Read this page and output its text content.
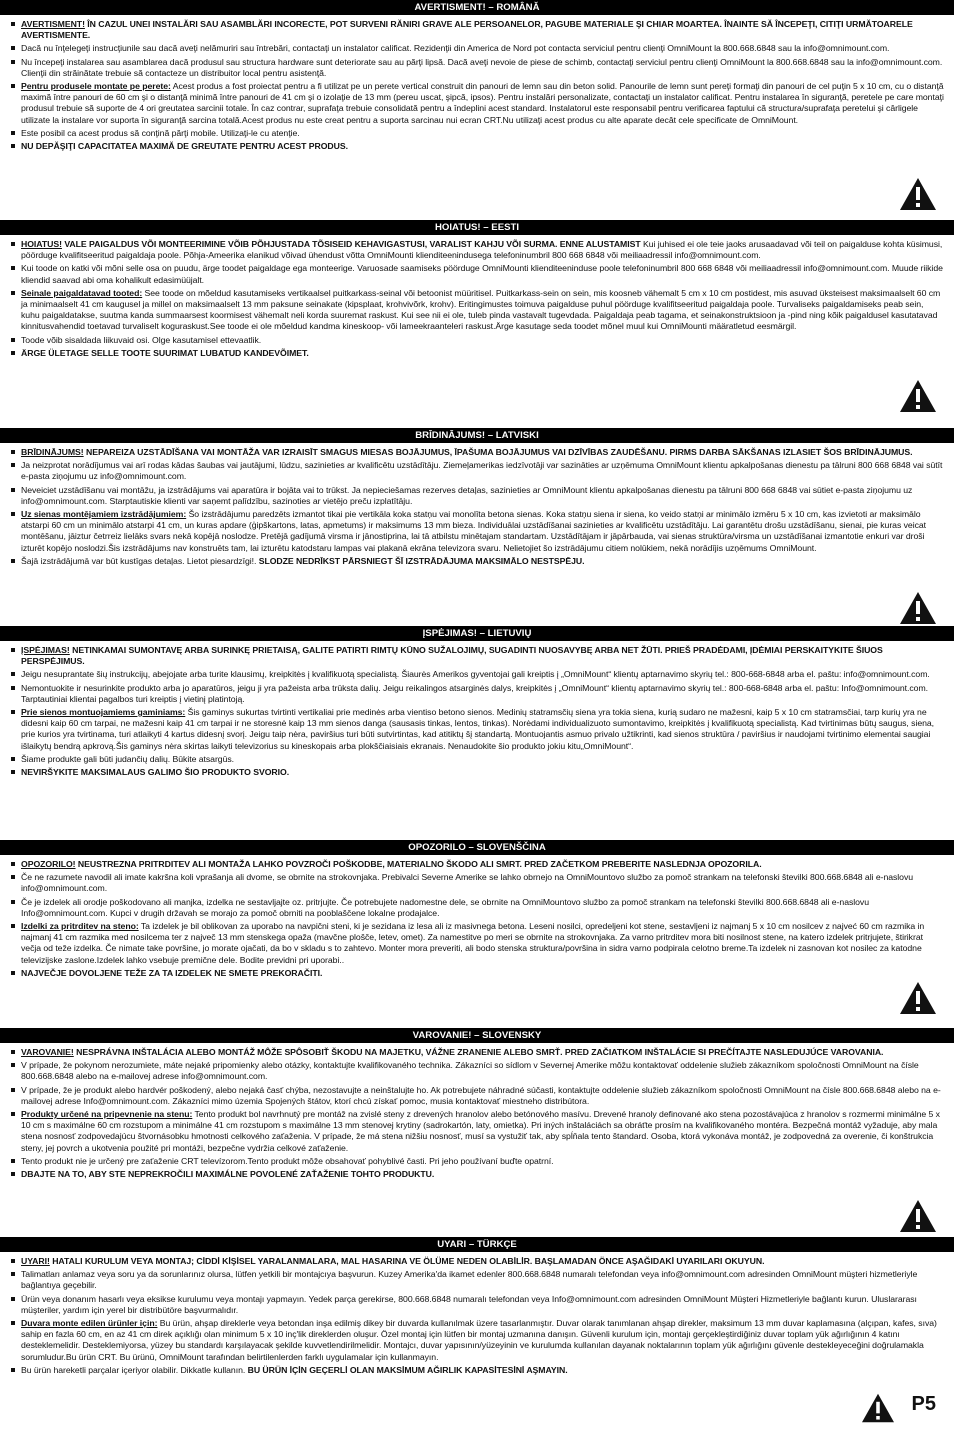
AVERTISMENT! – ROMÂNĂ
AVERTISMENT! ÎN CAZUL UNEI INSTALĂRI SAU ASAMBLĂRI INCORECTE, POT SURVENI RĂNIRI GRAVE ALE PERSOANELOR, PAGUBE MATERIALE ŞI CHIAR MOARTEA. ÎNAINTE SĂ ÎNCEPEŢI, CITIŢI URMĂTOARELE AVERTISMENTE.
Dacă nu înţelegeţi instrucţiunile sau dacă aveţi nelămuriri sau întrebări, contactaţi un instalator calificat. Rezidenţii din America de Nord pot contacta serviciul pentru clienţi OmniMount la 800.668.6848 sau la info@omnimount.com.
Nu începeţi instalarea sau asamblarea dacă produsul sau structura hardware sunt deteriorate sau au părţi lipsă. Dacă aveţi nevoie de piese de schimb, contactaţi serviciul pentru clienţi OmniMount la 800.668.6848 sau la info@omnimount.com. Clienţii din străinătate trebuie să contacteze un distribuitor local pentru asistenţă.
Pentru produsele montate pe perete: Acest produs a fost proiectat pentru a fi utilizat pe un perete vertical construit din panouri de lemn sau din beton solid. Panourile de lemn sunt pereţi formaţi din panouri de cel puţin 5 x 10 cm, cu o distanţă maximă între panouri de 60 cm şi o distanţă minimă între panouri de 41 cm şi o izolaţie de 13 mm (pereu uscat, şipcă, ipsos). Pentru instalări personalizate, contactaţi un instalator calificat. Pentru instalarea în siguranţă, peretele pe care montaţi produsul trebuie să suporte de 4 ori greutatea sarcinii totale. În caz contrar, suprafaţa trebuie consolidată pentru a îndeplini acest standard. Instalatorul este responsabil pentru verificarea faptului că structura/suprafaţa peretelui şi cârligele utilizate la instalare vor suporta în siguranţă sarcina totală.Acest produs nu este creat pentru a suporta sarcinau nui ecran CRT.Nu utilizaţi acest produs cu alte aparate decât cele specificate de OmniMount.
Este posibil ca acest produs să conţină părţi mobile. Utilizaţi-le cu atenţie.
NU DEPĂŞIŢI CAPACITATEA MAXIMĂ DE GREUTATE PENTRU ACEST PRODUS.
HOIATUS! – EESTI
HOIATUS! VALE PAIGALDUS VÕI MONTEERIMINE VÕIB PÕHJUSTADA TÕSISEID KEHAVIGASTUSI, VARALIST KAHJU VÕI SURMA. ENNE ALUSTAMIST Kui juhised ei ole teie jaoks arusaadavad või teil on paigalduse kohta küsimusi, pöörduge kvalifitseeritud paigaldaja poole. Põhja-Ameerika elanikud võivad ühendust võtta OmniMounti klienditeenindusega telefoninumbril 800 668 6848 või meiliaadressil info@omnimount.com.
Kui toode on katki või mõni selle osa on puudu, ärge toodet paigaldage ega monteerige. Varuosade saamiseks pöörduge OmniMounti klienditeeninduse poole telefoninumbril 800 668 6848 või meiliaadressil info@omnimount.com. Muude riikide kliendid saavad abi oma kohalikult edasimüüjalt.
Seinale paigaldatavad tooted: See toode on mõeldud kasutamiseks vertikaalsel puitkarkass-seinal või betoonist müüritisel. Puitkarkass-sein on sein, mis koosneb vähemalt 5 cm x 10 cm postidest, mis asuvad üksteisest maksimaalselt 60 cm ja minimaalselt 41 cm kaugusel ja millel on maksimaalselt 13 mm paksune seinakate (kipsplaat, krohvivõrk, krohv). Eritingimustes toimuva paigalduse puhul pöörduge kvalifitseeritud paigaldaja poole. Turvaliseks paigaldamiseks peab sein, kuhu paigaldatakse, suutma kanda summaarsest koormisest vähemalt neli korda suuremat raskust. Kui see nii ei ole, tuleb pinda vastavalt tugevdada. Paigaldaja peab tagama, et seinakonstruktsioon ja -pind ning kõik paigaldusel kasutatavad kinnitusvahendid toetavad turvaliselt koguraskust.See toode ei ole mõeldud kandma kineskoop- või lameekraanteleri raskust.Ärge kasutage seda toodet mõnel muul kui OmniMounti määratletud eesmärgil.
Toode võib sisaldada liikuvaid osi. Olge kasutamisel ettevaatlik.
ÄRGE ÜLETAGE SELLE TOOTE SUURIMAT LUBATUD KANDEVÕIMET.
BRĪDINĀJUMS! – LATVISKI
BRĪDINĀJUMS! NEPAREIZA UZSTĀDĪŠANA VAI MONTĀŽA VAR IZRAISĪT SMAGUS MIESAS BOJĀJUMUS, ĪPAŠUMA BOJĀJUMUS VAI DZĪVĪBAS ZAUDĒŠANU. PIRMS DARBA SĀKŠANAS IZLASIET ŠOS BRĪDINĀJUMUS.
Ja neizprotat norādījumus vai arī rodas kādas šaubas vai jautājumi, lūdzu, sazinieties ar kvalificētu uzstādītāju. Ziemeļamerikas iedzīvotāji var sazināties ar uzņēmuma OmniMount klientu apkalpošanas dienestu pa tālruni 800 668 6848 vai sūtīt e-pasta ziņojumu uz info@omnimount.com.
Neveiciet uzstādīšanu vai montāžu, ja izstrādājums vai aparatūra ir bojāta vai to trūkst. Ja nepieciešamas rezerves detaļas, sazinieties ar OmniMount klientu apkalpošanas dienestu pa tālruni 800 668 6848 vai sūtiet e-pasta ziņojumu uz info@omnimount.com. Starptautiskie klienti var saņemt palīdzību, sazinoties ar vietējo preču izplatītāju.
Uz sienas montējamiem izstrādājumiem: Šo izstrādājumu paredzēts izmantot tikai pie vertikāla koka statņu vai monolīta betona sienas. Koka statņu siena ir siena, ko veido statņi ar minimālo izmēru 5 x 10 cm, kas izvietoti ar maksimālo atstarpi 60 cm un minimālo atstarpi 41 cm, un kuras apdare (ģipškartons, latas, apmetums) ir maksimums 13 mm bieza. Individuālai uzstādīšanai sazinieties ar kvalificētu uzstādītāju. Lai garantētu drošu uzstādīšanu, sienai, pie kuras veicat montēšanu, jāiztur četrreiz lielāks svars nekā kopējā noslodze. Pretējā gadījumā virsma ir jānostiprina, lai tā atbilstu minētajam standartam. Uzstādītājam ir jāpārbauda, vai sienas struktūra/virsma un uzstādīšanai izmantotie enkuri var droši izturēt kopējo noslodzi.Šis izstrādājums nav konstruēts tam, lai izturētu katodstaru lampas vai plakanā ekrāna televizora svaru. Nelietojiet šo izstrādājumu citiem nolūkiem, nekā norādījis uzņēmums OmniMount.
Šajā izstrādājumā var būt kustīgas detaļas. Lietot piesardzīgi!. SLODZE NEDRĪKST PĀRSNIEGT ŠĪ IZSTRĀDĀJUMA MAKSIMĀLO NESTSPĒJU.
ĮSPĖJIMAS! – LIETUVIŲ
ĮSPĖJIMAS! NETINKAMAI SUMONTAVĘ ARBA SURINKĘ PRIETAISĄ, GALITE PATIRTI RIMTŲ KŪNO SUŽALOJIMŲ, SUGADINTI NUOSAVYBĘ ARBA NET ŽŪTI. PRIEŠ PRADĖDAMI, ĮDĖMIAI PERSKAITYKITE ŠIUOS PERSPĖJIMUS.
Jeigu nesuprantate šių instrukcijų, abejojate arba turite klausimų, kreipkitės į kvalifikuotą specialistą. Šiaurės Amerikos gyventojai gali kreiptis į „OmniMount“ klientų aptarnavimo skyrių tel.: 800-668-6848 arba el. paštu: info@omnimount.com.
Nemontuokite ir nesurinkite produkto arba jo aparatūros, jeigu ji yra pažeista arba trūksta dalių. Jeigu reikalingos atsarginės dalys, kreipkitės į „OmniMount“ klientų aptarnavimo skyrių tel.: 800-668-6848 arba el. paštu: Info@omnimount.com. Tarptautiniai klientai pagalbos turi kreiptis į vietinį platintoją.
Prie sienos montuojamiems gaminiams: Šis gaminys sukurtas tvirtinti vertikaliai prie medinės arba vientiso betono sienos. Medinių statramsčių siena yra tokia siena, kurią sudaro ne mažesni, kaip 5 x 10 cm statramsčiai, tarp kurių yra ne didesni kaip 60 cm tarpai, ne mažesni kaip 41 cm tarpai ir ne storesnė kaip 13 mm sienos danga (sausasis tinkas, lentos, tinkas). Norėdami individualizuoto sumontavimo, kreipkitės į kvalifikuotą specialistą. Kad tvirtinimas būtų saugus, siena, prie kurios yra tvirtinama, turi atlaikyti 4 kartus didesnį svorį. Jeigu taip nėra, paviršius turi būti sutvirtintas, kad atitiktų šį standartą. Montuojantis asmuo privalo užtikrinti, kad sienos struktūra / paviršius ir naudojami tvirtinimo elementai saugiai išlaikytų bendrą apkrovą.Šis gaminys nėra skirtas laikyti televizorius su kineskopais arba plokščiaisiais ekranais. Nenaudokite šio produkto jokiu kitu„OmniMount“.
Šiame produkte gali būti judančių dalių. Būkite atsargūs.
NEVIRŠYKITE MAKSIMALAUS GALIMO ŠIO PRODUKTO SVORIO.
OPOZORILO – SLOVENŠČINA
OPOZORILO! NEUSTREZNA PRITRDITEV ALI MONTAŽA LAHKO POVZROČI POŠKODBE, MATERIALNO ŠKODO ALI SMRT. PRED ZAČETKOM PREBERITE NASLEDNJA OPOZORILA.
Če ne razumete navodil ali imate kakršna koli vprašanja ali dvome, se obrnite na strokovnjaka. Prebivalci Severne Amerike se lahko obrnejo na OmniMountovo službo za pomoč strankam na telefonski številki 800.668.6848 ali e-naslovu info@omnimount.com.
Če je izdelek ali orodje poškodovano ali manjka, izdelka ne sestavljajte oz. pritrjujte. Če potrebujete nadomestne dele, se obrnite na OmniMountovo službo za pomoč strankam na telefonski številki 800.668.6848 ali e-naslovu Info@omnimount.com. Kupci v drugih državah se morajo za pomoč obrniti na pooblaščene lokalne prodajalce.
Izdelki za pritrditev na steno: Ta izdelek je bil oblikovan za uporabo na navpični steni, ki je sezidana iz lesa ali iz masivnega betona. Leseni nosilci, opredeljeni kot stene, sestavljeni iz najmanj 5 x 10 cm nosilcev z najveć 60 cm razmika in najmanj 41 cm razmika med nosilcema ter z največ 13 mm stenskega opaža (mavčne plošče, letev, omet). Za namestitve po meri se obrnite na strokovnjaka. Za varno pritrditev mora biti nosilnost stene, na katero izdelek pritrjujete, štirikrat večja od teže izdelka. Če nimate take površine, jo morate ojačati, da bo v skladu s to zahtevo. Monter mora preveriti, ali bodo stenska struktura/površina in sidra varno podpirala celotno breme.Ta izdelek ni zasnovan kot nosilec za katodne televizijske zaslone.Izdelek lahko vsebuje premične dele. Bodite previdni pri uporabi..
NAJVEČJE DOVOLJENE TEŽE ZA TA IZDELEK NE SMETE PREKORAČITI.
VAROVANIE! – SLOVENSKY
VAROVANIE! NESPRÁVNA INŠTALÁCIA ALEBO MONTÁŽ MÔŽE SPÔSOBIŤ ŠKODU NA MAJETKU, VÁŽNE ZRANENIE ALEBO SMRŤ. PRED ZAČIATKOM INŠTALÁCIE SI PREČÍTAJTE NASLEDUJÚCE VAROVANIA.
V prípade, že pokynom nerozumiete, máte nejaké pripomienky alebo otázky, kontaktujte kvalifikovaného technika. Zákazníci so sídlom v Severnej Amerike môžu kontaktovať oddelenie služieb zákazníkom spoločnosti OmniMount na čísle 800.668.6848 alebo na e-mailovej adrese info@omnimount.com.
V prípade, že je produkt alebo hardvér poškodený, alebo nejaká časť chýba, nezostavujte a neinštalujte ho. Ak potrebujete náhradné súčasti, kontaktujte oddelenie služieb zákazníkom spoločnosti OmniMount na čísle 800.668.6848 alebo na e-mailovej adrese Info@omnimount.com. Zákazníci mimo územia Spojených štátov, ktorí chcú získať pomoc, musia kontaktovať miestneho distribútora.
Produkty určené na pripevnenie na stenu: Tento produkt bol navrhnutý pre montáž na zvislé steny z drevených hranolov alebo betónového masívu. Drevené hranoly definované ako stena pozostávajúca z hranolov s rozmermi minimálne 5 x 10 cm s maximálne 60 cm rozstupom a minimálne 41 cm rozstupom s maximálne 13 mm stenovej krytiny (sadrokartón, laty, omietka). Pri iných inštaláciách sa obráťte prosím na kvalifikovaného montéra. Bezpečná montáž vyžaduje, aby mala stena nosnosť zodpovedajúcu štvornásobku hmotnosti celkového zaťaženia. V prípade, že má stena nižšiu nosnosť, musí sa vystužiť tak, aby spĺňala tento štandard. Osoba, ktorá vykonáva montáž, je zodpovedná za overenie, či konštrukcia steny, jej povrch a ukotvenia použité pri montáži, bezpečne vydržia celkové zaťaženie.
Tento produkt nie je určený pre zaťaženie CRT televízorom.Tento produkt môže obsahovať pohyblivé časti. Pri jeho používaní buďte opatrní.
DBAJTE NA TO, ABY STE NEPREKROČILI MAXIMÁLNE POVOLENÉ ZAŤAŽENIE TOHTO PRODUKTU.
UYARI – TÜRKÇE
UYARI! HATALI KURULUM VEYA MONTAJ; CİDDİ KİŞİSEL YARALANMALARA, MAL HASARINA VE ÖLÜME NEDEN OLABİLİR. BAŞLAMADAN ÖNCE AŞAĞIDAKİ UYARILARI OKUYUN.
Talimatları anlamaz veya soru ya da sorunlarınız olursa, lütfen yetkili bir montajcıya başvurun. Kuzey Amerika'da ikamet edenler 800.668.6848 numaralı telefondan veya info@omnimount.com adresinden OmniMount müşteri hizmetleriyle bağlantıya geçebilir.
Ürün veya donanım hasarlı veya eksikse kurulumu veya montajı yapmayın. Yedek parça gerekirse, 800.668.6848 numaralı telefondan veya Info@omnimount.com adresinden OmniMount Müşteri Hizmetleriyle bağlantı kurun. Uluslararası müşteriler, yardım için yerel bir distribütöre başvurmalıdır.
Duvara monte edilen ürünler için: Bu ürün, ahşap direklerle veya betondan inşa edilmiş dikey bir duvarda kullanılmak üzere tasarlanmıştır. Duvar olarak tanımlanan ahşap direkler, maksimum 13 mm duvar kaplamasına (alçıpan, kafes, sıva) sahip en fazla 60 cm, en az 41 cm direk açıklığı olan minimum 5 x 10 inç'lik direklerden oluşur. Özel montaj için lütfen bir montaj uzmanına danışın. Güvenli kurulum için, montajı gerçekleştirdiğiniz duvar toplam yük ağırlığının 4 katını desteklemelidir. Desteklemiyorsa, yüzey bu standardı karşılayacak şekilde kuvvetlendirilmelidir. Montajcı, duvar yapısının/yüzeyinin ve kurulumda kullanılan dayanak noktalarının toplam yük ağırlığını güvenle destekleyeceğini doğrulamakla sorumludur.Bu ürün CRT. Bu ürünü, OmniMount tarafından belirtilenlerden farklı uygulamalar için kullanmayın.
Bu ürün hareketli parçalar içeriyor olabilir. Dikkatle kullanın. BU ÜRÜN İÇİN GEÇERLİ OLAN MAKSİMUM AĞIRLIK KAPASİTESİNİ AŞMAYIN.
P5
